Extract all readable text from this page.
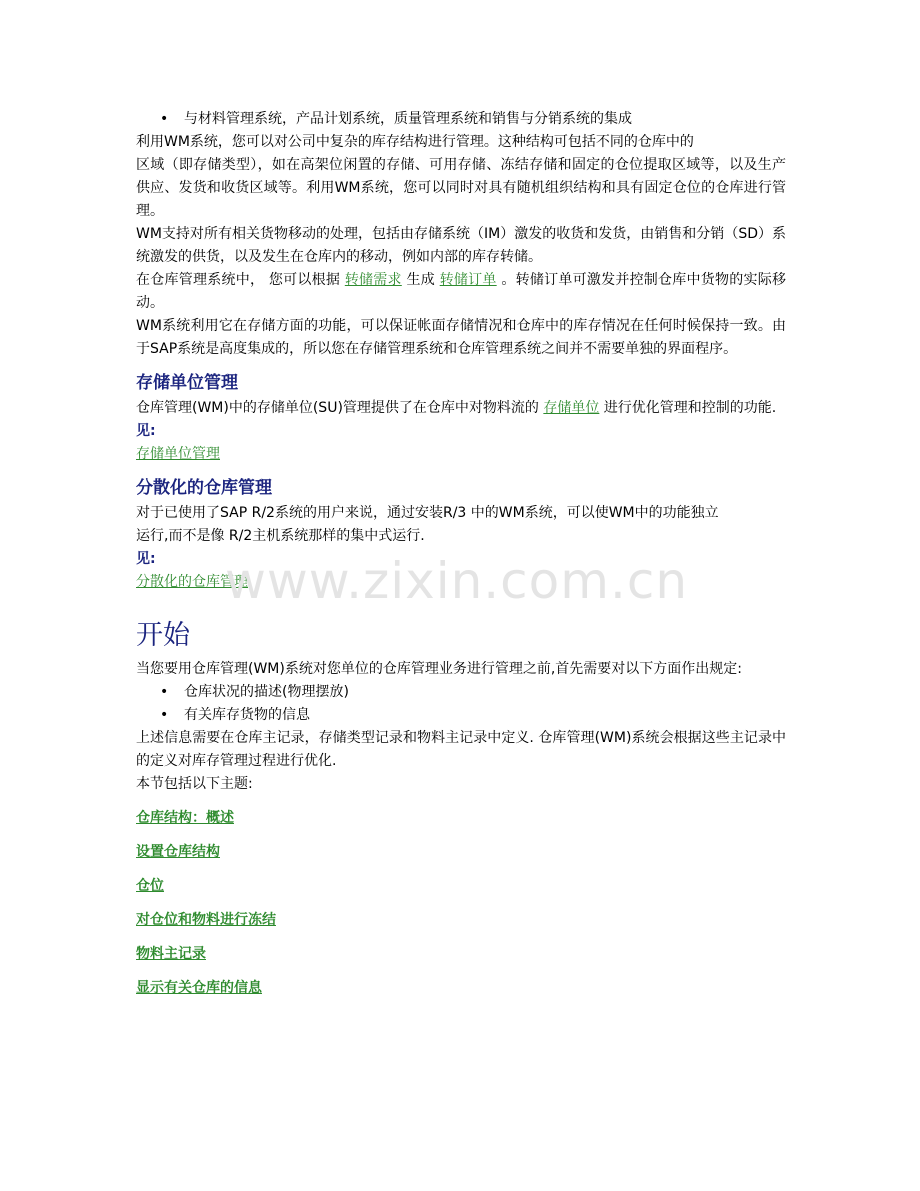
• 与材料管理系统，产品计划系统，质量管理系统和销售与分销系统的集成

利用WM系统，您可以对公司中复杂的库存结构进行管理。这种结构可包括不同的仓库中的

区域（即存储类型），如在高架位闲置的存储、可用存储、冻结存储和固定的仓位提取区域等，以及生产供应、发货和收货区域等。利用WM系统，您可以同时对具有随机组织结构和具有固定仓位的仓库进行管理。

WM支持对所有相关货物移动的处理，包括由存储系统（IM）激发的收货和发货，由销售和分销（SD）系统激发的供货，以及发生在仓库内的移动，例如内部的库存转储。

在仓库管理系统中， 您可以根据 转储需求 生成 转储订单 。转储订单可激发并控制仓库中货物的实际移动。

WM系统利用它在存储方面的功能，可以保证帐面存储情况和仓库中的库存情况在任何时候保持一致。由于SAP系统是高度集成的，所以您在存储管理系统和仓库管理系统之间并不需要单独的界面程序。

存储单位管理

仓库管理(WM)中的存储单位(SU)管理提供了在仓库中对物料流的 存储单位 进行优化管理和控制的功能.

见:

存储单位管理

分散化的仓库管理

对于已使用了SAP R/2系统的用户来说，通过安装R/3 中的WM系统，可以使WM中的功能独立

运行,而不是像 R/2主机系统那样的集中式运行.

见:

分散化的仓库管理

开始

当您要用仓库管理(WM)系统对您单位的仓库管理业务进行管理之前,首先需要对以下方面作出规定:

• 仓库状况的描述(物理摆放)

• 有关库存货物的信息

上述信息需要在仓库主记录，存储类型记录和物料主记录中定义. 仓库管理(WM)系统会根据这些主记录中的定义对库存管理过程进行优化.

本节包括以下主题:

仓库结构：概述

设置仓库结构

仓位

对仓位和物料进行冻结

物料主记录

显示有关仓库的信息

www.zixin.com.cn
